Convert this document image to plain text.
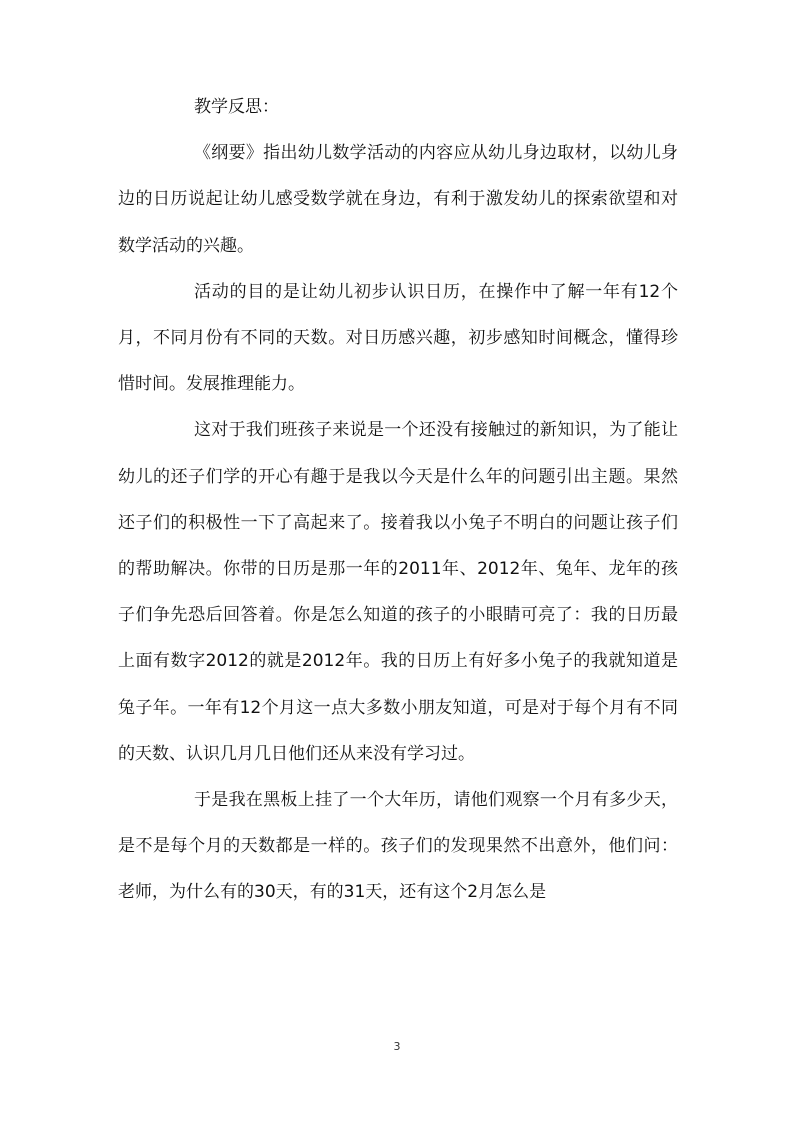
教学反思：

《纲要》指出幼儿数学活动的内容应从幼儿身边取材，以幼儿身边的日历说起让幼儿感受数学就在身边，有利于激发幼儿的探索欲望和对数学活动的兴趣。

活动的目的是让幼儿初步认识日历，在操作中了解一年有12个月，不同月份有不同的天数。对日历感兴趣，初步感知时间概念，懂得珍惜时间。发展推理能力。

这对于我们班孩子来说是一个还没有接触过的新知识，为了能让幼儿的还子们学的开心有趣于是我以今天是什么年的问题引出主题。果然还子们的积极性一下了高起来了。接着我以小兔子不明白的问题让孩子们的帮助解决。你带的日历是那一年的2011年、2012年、兔年、龙年的孩子们争先恐后回答着。你是怎么知道的孩子的小眼睛可亮了：我的日历最上面有数字2012的就是2012年。我的日历上有好多小兔子的我就知道是兔子年。一年有12个月这一点大多数小朋友知道，可是对于每个月有不同的天数、认识几月几日他们还从来没有学习过。

于是我在黑板上挂了一个大年历，请他们观察一个月有多少天，是不是每个月的天数都是一样的。孩子们的发现果然不出意外，他们问：老师，为什么有的30天，有的31天，还有这个2月怎么是

3
